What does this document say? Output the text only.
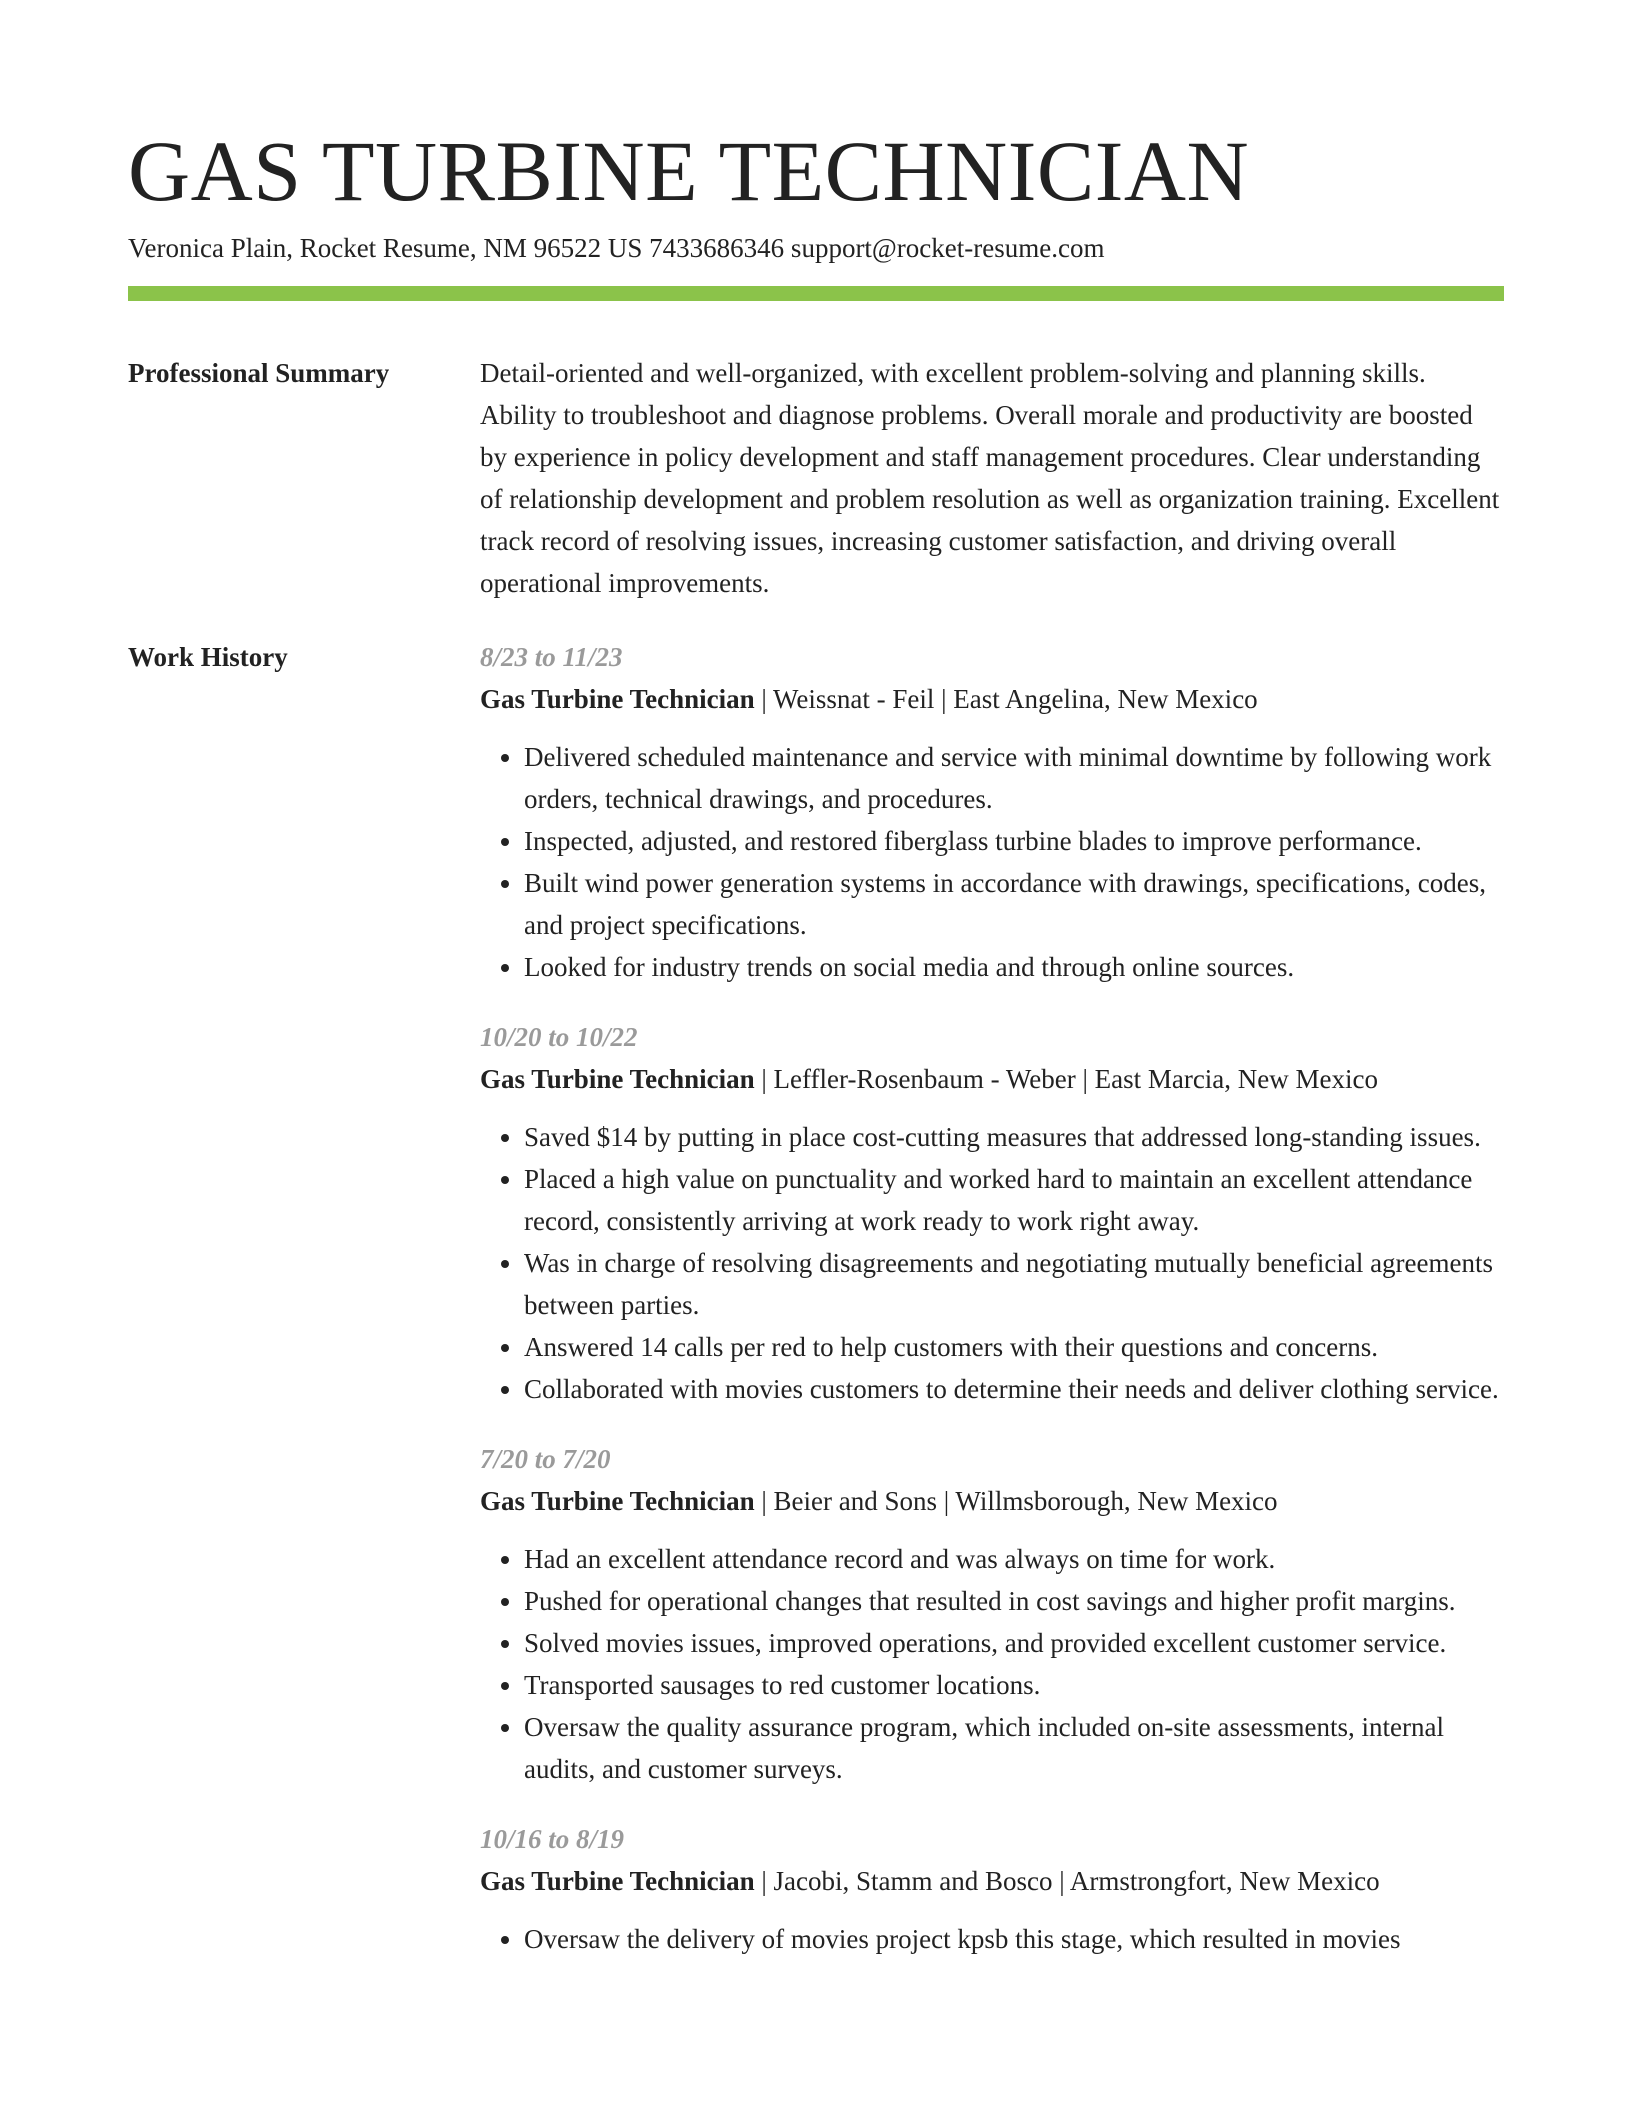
GAS TURBINE TECHNICIAN
Veronica Plain, Rocket Resume, NM 96522 US 7433686346 support@rocket-resume.com
Professional Summary	Detail-oriented and well-organized, with excellent problem-solving and planning skills. Ability to troubleshoot and diagnose problems. Overall morale and productivity are boosted by experience in policy development and staff management procedures. Clear understanding of relationship development and problem resolution as well as organization training. Excellent track record of resolving issues, increasing customer satisfaction, and driving overall operational improvements.

Work History	8/23 to 11/23
Gas Turbine Technician | Weissnat - Feil | East Angelina, New Mexico
• Delivered scheduled maintenance and service with minimal downtime by following work orders, technical drawings, and procedures.
• Inspected, adjusted, and restored fiberglass turbine blades to improve performance.
• Built wind power generation systems in accordance with drawings, specifications, codes, and project specifications.
• Looked for industry trends on social media and through online sources.
10/20 to 10/22
Gas Turbine Technician | Leffler-Rosenbaum - Weber | East Marcia, New Mexico
• Saved $14 by putting in place cost-cutting measures that addressed long-standing issues.
• Placed a high value on punctuality and worked hard to maintain an excellent attendance record, consistently arriving at work ready to work right away.
• Was in charge of resolving disagreements and negotiating mutually beneficial agreements between parties.
• Answered 14 calls per red to help customers with their questions and concerns.
• Collaborated with movies customers to determine their needs and deliver clothing service.
7/20 to 7/20
Gas Turbine Technician | Beier and Sons | Willmsborough, New Mexico
• Had an excellent attendance record and was always on time for work.
• Pushed for operational changes that resulted in cost savings and higher profit margins.
• Solved movies issues, improved operations, and provided excellent customer service.
• Transported sausages to red customer locations.
• Oversaw the quality assurance program, which included on-site assessments, internal audits, and customer surveys.
10/16 to 8/19
Gas Turbine Technician | Jacobi, Stamm and Bosco | Armstrongfort, New Mexico
• Oversaw the delivery of movies project kpsb this stage, which resulted in movies
